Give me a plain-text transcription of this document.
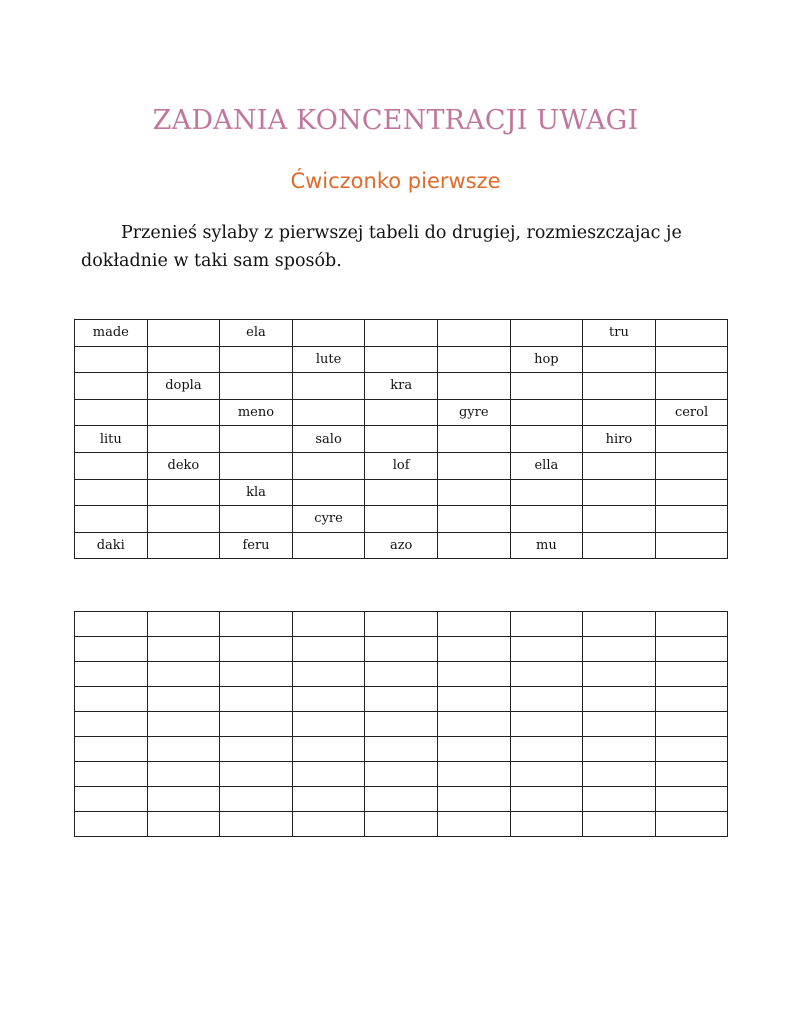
ZADANIA KONCENTRACJI UWAGI
Ćwiczonko pierwsze

Przenieś sylaby z pierwszej tabeli do drugiej, rozmieszczajac je dokładnie w taki sam sposób.

made		ela					tru	
			lute			hop		
	dopla			kra				
		meno			gyre			cerol
litu			salo				hiro	
	deko			lof		ella		
		kla						
			cyre					
daki		feru		azo		mu		
